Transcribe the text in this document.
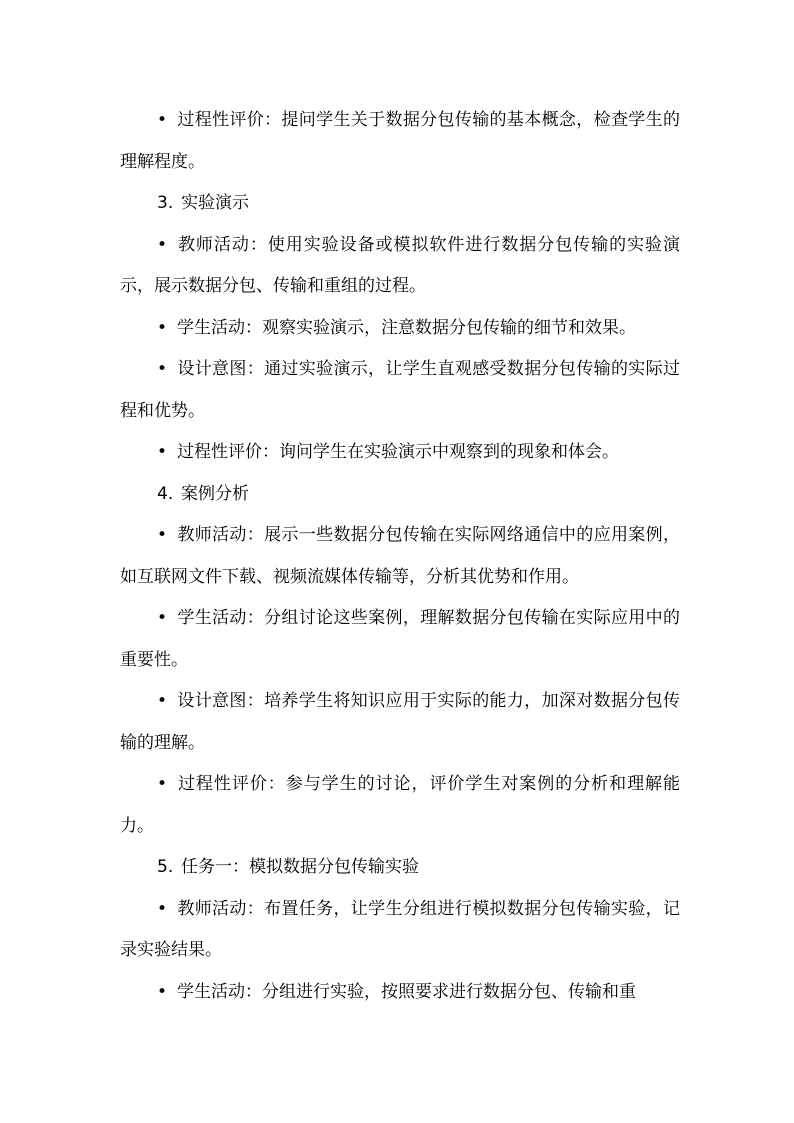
• 过程性评价：提问学生关于数据分包传输的基本概念，检查学生的理解程度。

3. 实验演示

• 教师活动：使用实验设备或模拟软件进行数据分包传输的实验演示，展示数据分包、传输和重组的过程。

• 学生活动：观察实验演示，注意数据分包传输的细节和效果。

• 设计意图：通过实验演示，让学生直观感受数据分包传输的实际过程和优势。

• 过程性评价：询问学生在实验演示中观察到的现象和体会。

4. 案例分析

• 教师活动：展示一些数据分包传输在实际网络通信中的应用案例，如互联网文件下载、视频流媒体传输等，分析其优势和作用。

• 学生活动：分组讨论这些案例，理解数据分包传输在实际应用中的重要性。

• 设计意图：培养学生将知识应用于实际的能力，加深对数据分包传输的理解。

• 过程性评价：参与学生的讨论，评价学生对案例的分析和理解能力。

5. 任务一：模拟数据分包传输实验

• 教师活动：布置任务，让学生分组进行模拟数据分包传输实验，记录实验结果。

• 学生活动：分组进行实验，按照要求进行数据分包、传输和重
